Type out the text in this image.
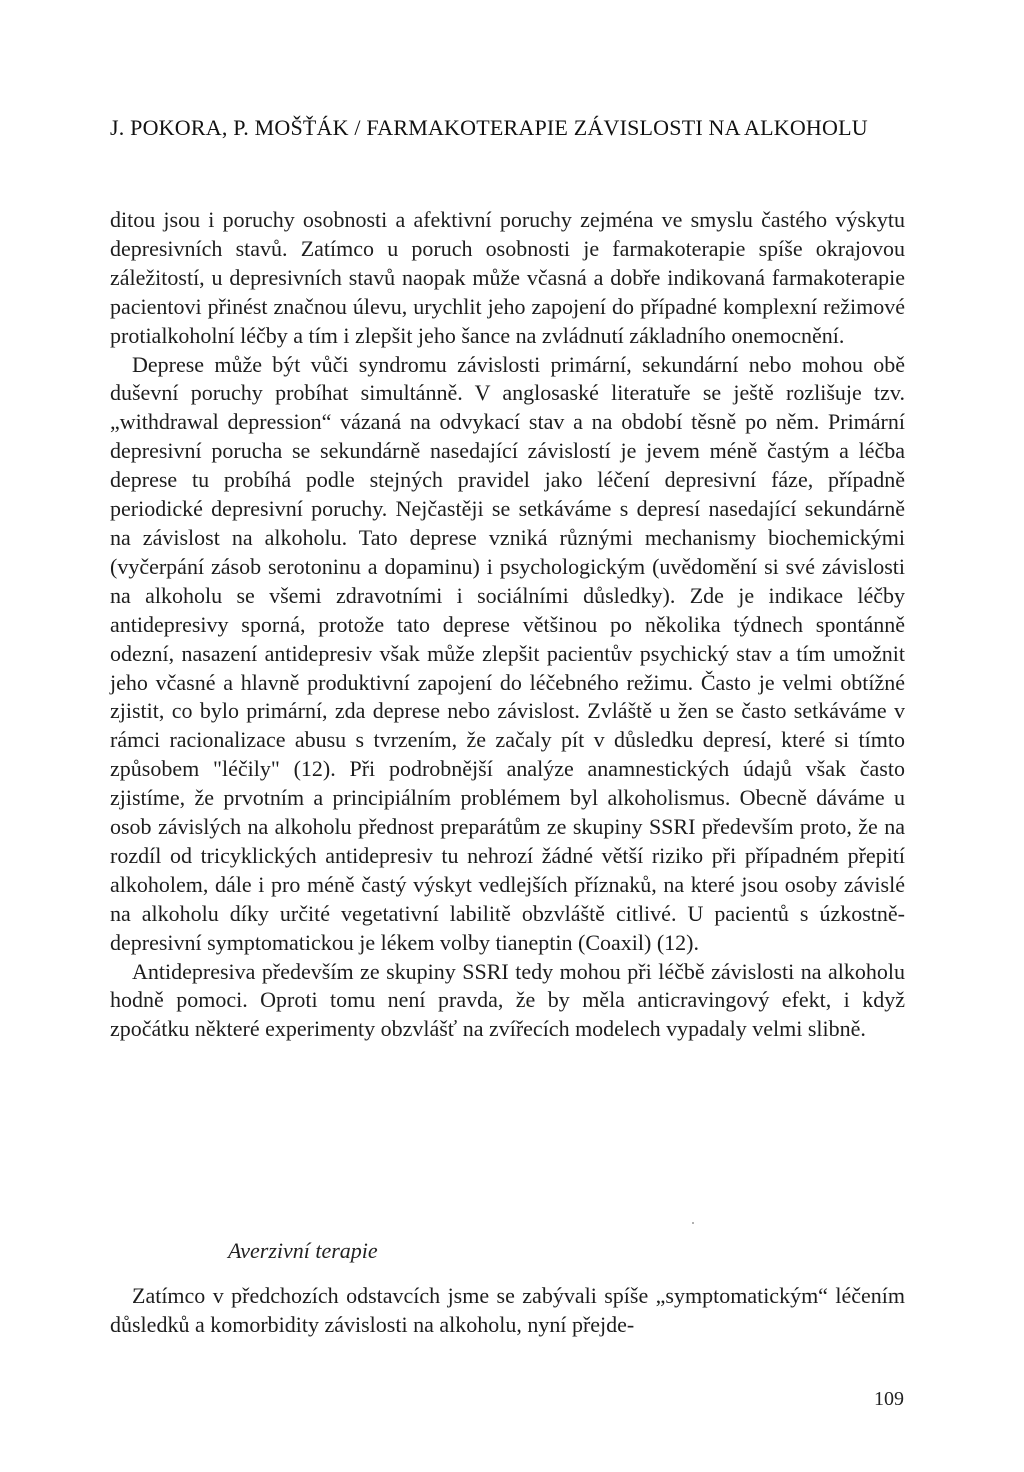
J. POKORA, P. MOŠŤÁK / FARMAKOTERAPIE ZÁVISLOSTI NA ALKOHOLU

ditou jsou i poruchy osobnosti a afektivní poruchy zejména ve smyslu častého výskytu depresivních stavů. Zatímco u poruch osobnosti je farmakoterapie spíše okrajovou záležitostí, u depresivních stavů naopak může včasná a dobře indikovaná farmakoterapie pacientovi přinést značnou úlevu, urychlit jeho zapojení do případné komplexní režimové protialkoholní léčby a tím i zlepšit jeho šance na zvládnutí základního onemocnění.

Deprese může být vůči syndromu závislosti primární, sekundární nebo mohou obě duševní poruchy probíhat simultánně. V anglosaské literatuře se ještě rozlišuje tzv. „withdrawal depression“ vázaná na odvykací stav a na období těsně po něm. Primární depresivní porucha se sekundárně nasedající závislostí je jevem méně častým a léčba deprese tu probíhá podle stejných pravidel jako léčení depresivní fáze, případně periodické depresivní poruchy. Nejčastěji se setkáváme s depresí nasedající sekundárně na závislost na alkoholu. Tato deprese vzniká různými mechanismy biochemickými (vyčerpání zásob serotoninu a dopaminu) i psychologickým (uvědomění si své závislosti na alkoholu se všemi zdravotními i sociálními důsledky). Zde je indikace léčby antidepresivy sporná, protože tato deprese většinou po několika týdnech spontánně odezní, nasazení antidepresiv však může zlepšit pacientův psychický stav a tím umožnit jeho včasné a hlavně produktivní zapojení do léčebného režimu. Často je velmi obtížné zjistit, co bylo primární, zda deprese nebo závislost. Zvláště u žen se často setkáváme v rámci racionalizace abusu s tvrzením, že začaly pít v důsledku depresí, které si tímto způsobem "léčily" (12). Při podrobnější analýze anamnestických údajů však často zjistíme, že prvotním a principiálním problémem byl alkoholismus. Obecně dáváme u osob závislých na alkoholu přednost preparátům ze skupiny SSRI především proto, že na rozdíl od tricyklických antidepresiv tu nehrozí žádné větší riziko při případném přepití alkoholem, dále i pro méně častý výskyt vedlejších příznaků, na které jsou osoby závislé na alkoholu díky určité vegetativní labilitě obzvláště citlivé. U pacientů s úzkostně-depresivní symptomatickou je lékem volby tianeptin (Coaxil) (12).

Antidepresiva především ze skupiny SSRI tedy mohou při léčbě závislosti na alkoholu hodně pomoci. Oproti tomu není pravda, že by měla anticravingový efekt, i když zpočátku některé experimenty obzvlášť na zvířecích modelech vypadaly velmi slibně.

Averzivní terapie

Zatímco v předchozích odstavcích jsme se zabývali spíše „symptomatickým“ léčením důsledků a komorbidity závislosti na alkoholu, nyní přejde-

109
